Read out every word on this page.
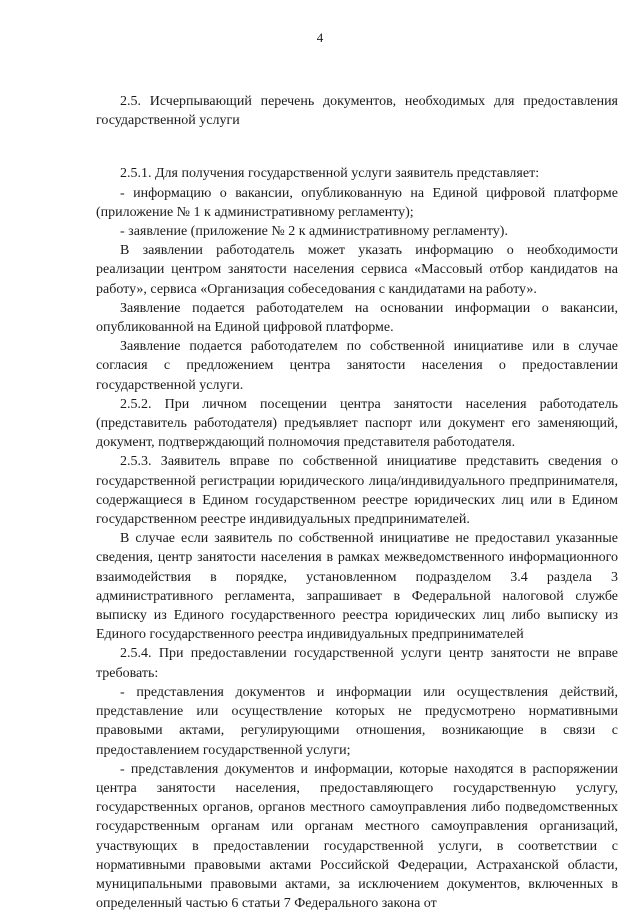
4

2.5. Исчерпывающий перечень документов, необходимых для предоставления государственной услуги

2.5.1. Для получения государственной услуги заявитель представляет:

- информацию о вакансии, опубликованную на Единой цифровой платформе (приложение № 1 к административному регламенту);

- заявление (приложение № 2 к административному регламенту).

В заявлении работодатель может указать информацию о необходимости реализации центром занятости населения сервиса «Массовый отбор кандидатов на работу», сервиса «Организация собеседования с кандидатами на работу».

Заявление подается работодателем на основании информации о вакансии, опубликованной на Единой цифровой платформе.

Заявление подается работодателем по собственной инициативе или в случае согласия с предложением центра занятости населения о предоставлении государственной услуги.

2.5.2. При личном посещении центра занятости населения работодатель (представитель работодателя) предъявляет паспорт или документ его заменяющий, документ, подтверждающий полномочия представителя работодателя.

2.5.3. Заявитель вправе по собственной инициативе представить сведения о государственной регистрации юридического лица/индивидуального предпринимателя, содержащиеся в Едином государственном реестре юридических лиц или в Едином государственном реестре индивидуальных предпринимателей.

В случае если заявитель по собственной инициативе не предоставил указанные сведения, центр занятости населения в рамках межведомственного информационного взаимодействия в порядке, установленном подразделом 3.4 раздела 3 административного регламента, запрашивает в Федеральной налоговой службе выписку из Единого государственного реестра юридических лиц либо выписку из Единого государственного реестра индивидуальных предпринимателей

2.5.4. При предоставлении государственной услуги центр занятости не вправе требовать:

- представления документов и информации или осуществления действий, представление или осуществление которых не предусмотрено нормативными правовыми актами, регулирующими отношения, возникающие в связи с предоставлением государственной услуги;

- представления документов и информации, которые находятся в распоряжении центра занятости населения, предоставляющего государственную услугу, государственных органов, органов местного самоуправления либо подведомственных государственным органам или органам местного самоуправления организаций, участвующих в предоставлении государственной услуги, в соответствии с нормативными правовыми актами Российской Федерации, Астраханской области, муниципальными правовыми актами, за исключением документов, включенных в определенный частью 6 статьи 7 Федерального закона от
